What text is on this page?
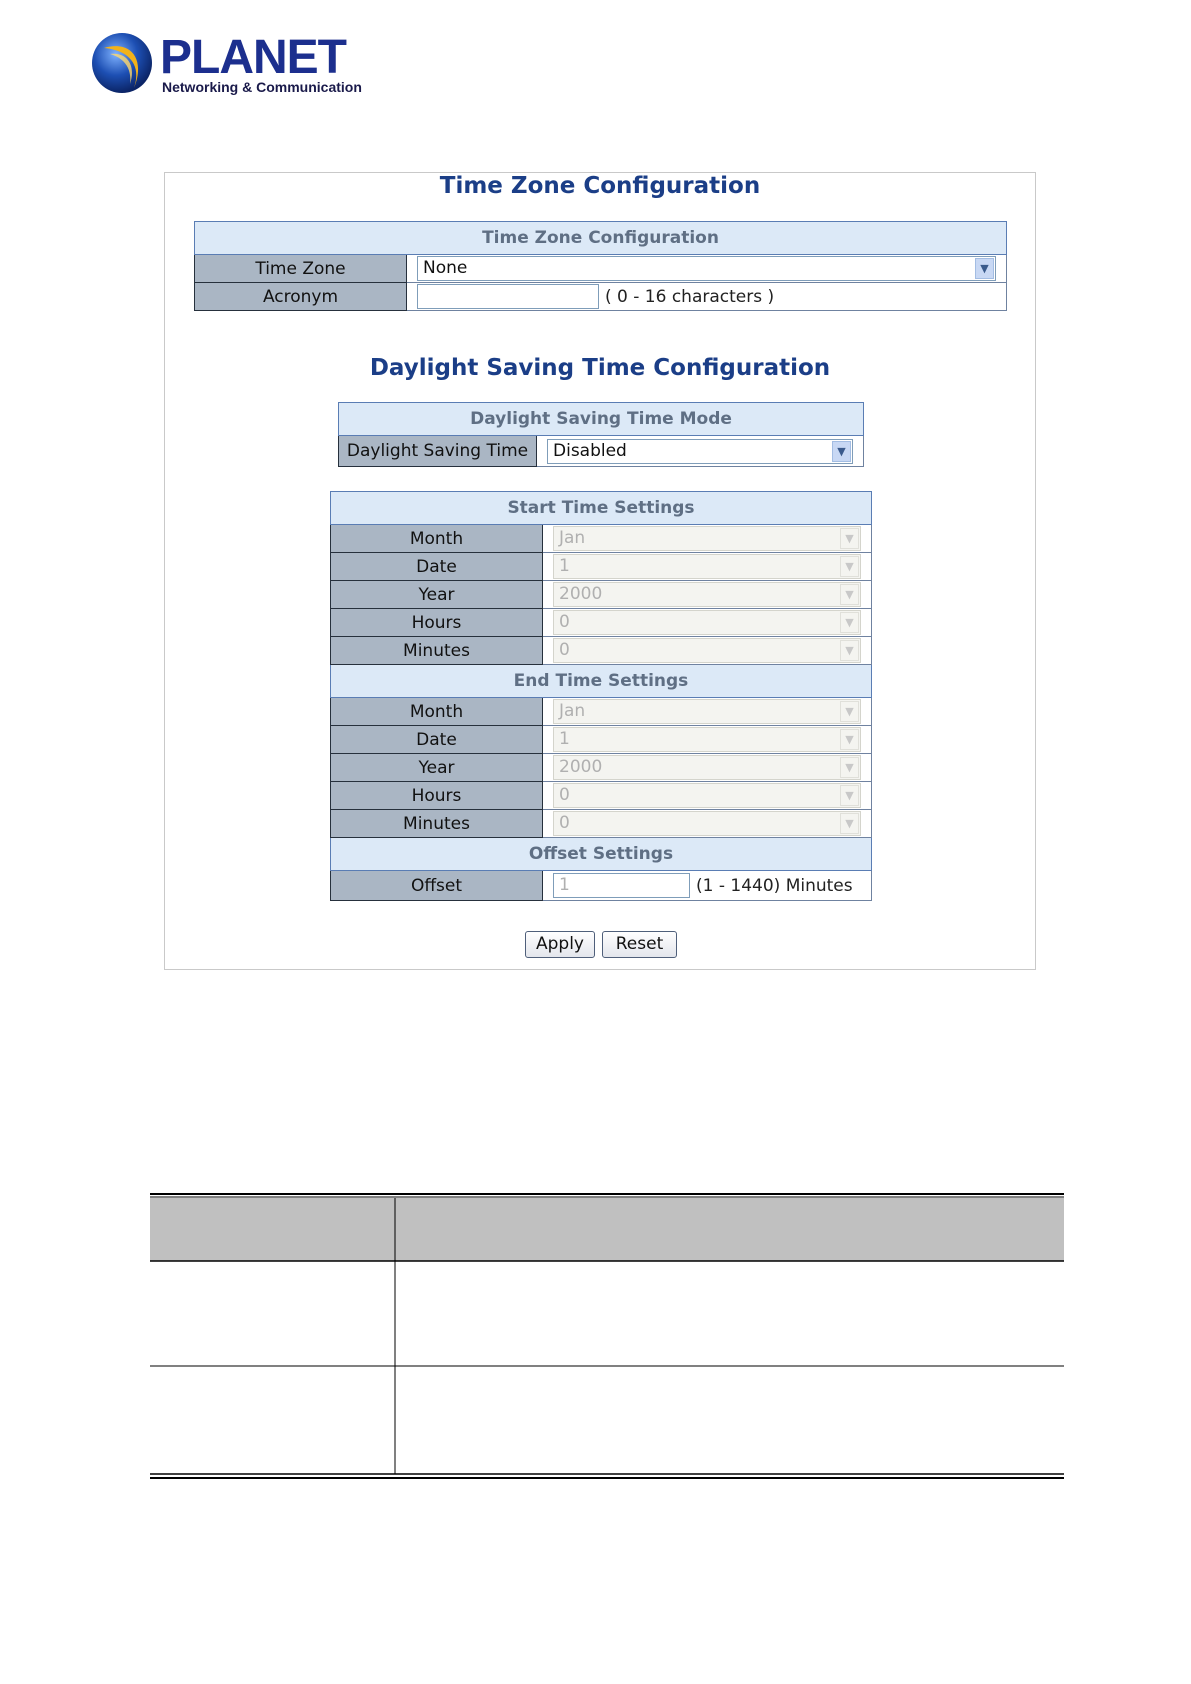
PLANET
Networking & Communication
Time Zone Configuration
Time Zone Configuration	
Time Zone	None ▼

Acronym	( 0 - 16 characters )
Daylight Saving Time Configuration
Daylight Saving Time Mode
Daylight Saving Time	Disabled	▼
Start Time Settings	
Month	Jan ▼

Date	1 ▼

Year	2000 ▼

Hours	0 ▼

Minutes	0 ▼

End Time Settings	
Month	Jan ▼

Date	1 ▼

Year	2000 ▼

Hours	0 ▼

Minutes	0 ▼

Offset Settings	
Offset	1 (1 - 1440) Minutes
Apply	Reset
